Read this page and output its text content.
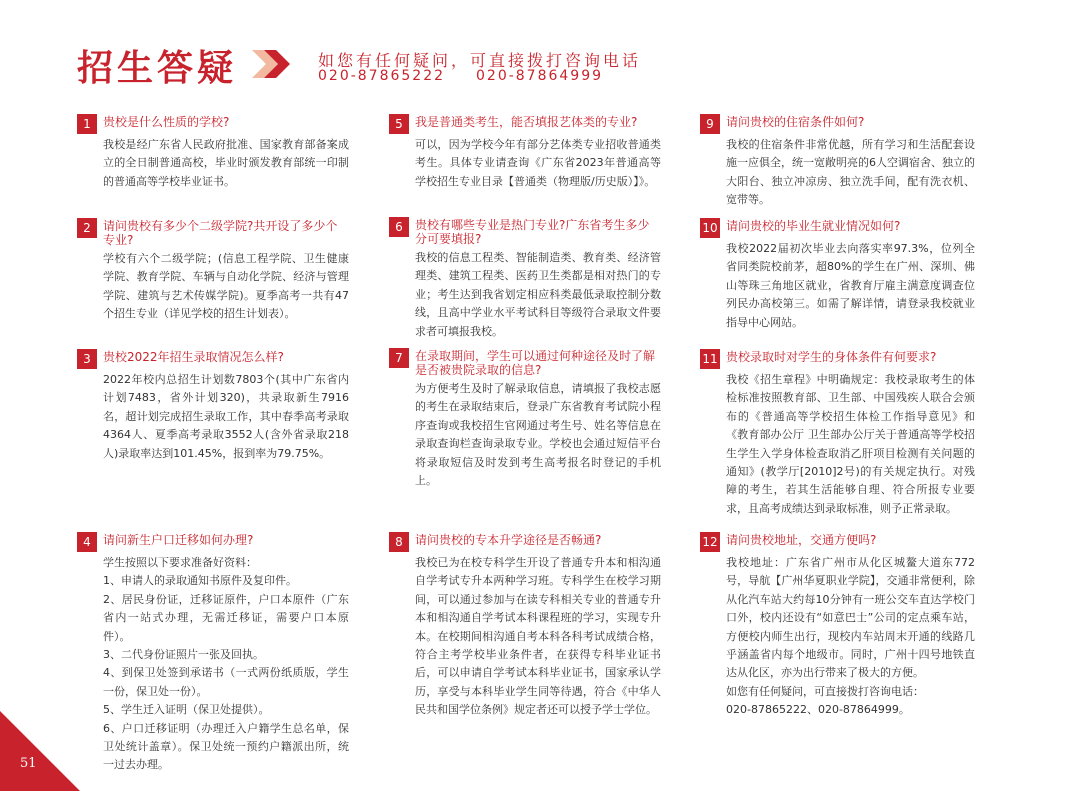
招生答疑	如您有任何疑问，可直接拨打咨询电话
020-87865222 020-87864999
1	贵校是什么性质的学校?
我校是经广东省人民政府批准、国家教育部备案成立的全日制普通高校，毕业时颁发教育部统一印制的普通高等学校毕业证书。
2	请问贵校有多少个二级学院?共开设了多少个专业?
学校有六个二级学院；(信息工程学院、卫生健康学院、教育学院、车辆与自动化学院、经济与管理学院、建筑与艺术传媒学院)。夏季高考一共有47个招生专业（详见学校的招生计划表）。
3	贵校2022年招生录取情况怎么样?
2022年校内总招生计划数7803个(其中广东省内计划7483，省外计划320)，共录取新生7916名，超计划完成招生录取工作，其中春季高考录取4364人、夏季高考录取3552人(含外省录取218人)录取率达到101.45%，报到率为79.75%。
4	请问新生户口迁移如何办理?
学生按照以下要求准备好资料：
1、申请人的录取通知书原件及复印件。
2、居民身份证，迁移证原件，户口本原件（广东省内一站式办理，无需迁移证，需要户口本原件）。
3、二代身份证照片一张及回执。
4、到保卫处签到承诺书（一式两份纸质版，学生一份，保卫处一份）。
5、学生迁入证明（保卫处提供）。
6、户口迁移证明（办理迁入户籍学生总名单，保卫处统计盖章）。保卫处统一预约户籍派出所，统一过去办理。
5	我是普通类考生，能否填报艺体类的专业?
可以，因为学校今年有部分艺体类专业招收普通类考生。具体专业请查询《广东省2023年普通高等学校招生专业目录【普通类（物理版/历史版）】》。
6	贵校有哪些专业是热门专业?广东省考生多少分可要填报?
我校的信息工程类、智能制造类、教育类、经济管理类、建筑工程类、医药卫生类都是相对热门的专业；考生达到我省划定相应科类最低录取控制分数线，且高中学业水平考试科目等级符合录取文件要求者可填报我校。
7	在录取期间，学生可以通过何种途径及时了解是否被贵院录取的信息?
为方便考生及时了解录取信息，请填报了我校志愿的考生在录取结束后，登录广东省教育考试院小程序查询或我校招生官网通过考生号、姓名等信息在录取查询栏查询录取专业。学校也会通过短信平台将录取短信及时发到考生高考报名时登记的手机上。
8	请问贵校的专本升学途径是否畅通?
我校已为在校专科学生开设了普通专升本和相沟通自学考试专升本两种学习班。专科学生在校学习期间，可以通过参加与在读专科相关专业的普通专升本和相沟通自学考试本科课程班的学习，实现专升本。在校期间相沟通自考本科各科考试成绩合格，符合主考学校毕业条件者，在获得专科毕业证书后，可以申请自学考试本科毕业证书，国家承认学历，享受与本科毕业学生同等待遇，符合《中华人民共和国学位条例》规定者还可以授予学士学位。
9	请问贵校的住宿条件如何?
我校的住宿条件非常优越，所有学习和生活配套设施一应俱全，统一宽敞明亮的6人空调宿舍、独立的大阳台、独立冲凉房、独立洗手间，配有洗衣机、宽带等。
10 请问贵校的毕业生就业情况如何?
我校2022届初次毕业去向落实率97.3%，位列全省同类院校前茅，超80%的学生在广州、深圳、佛山等珠三角地区就业，省教育厅雇主满意度调查位列民办高校第三。如需了解详情，请登录我校就业指导中心网站。
11 贵校录取时对学生的身体条件有何要求?
我校《招生章程》中明确规定：我校录取考生的体检标准按照教育部、卫生部、中国残疾人联合会颁布的《普通高等学校招生体检工作指导意见》和《教育部办公厅 卫生部办公厅关于普通高等学校招生学生入学身体检查取消乙肝项目检测有关问题的通知》(教学厅[2010]2号)的有关规定执行。对残障的考生，若其生活能够自理、符合所报专业要求，且高考成绩达到录取标准，则予正常录取。
12 请问贵校地址，交通方便吗?
我校地址：广东省广州市从化区城鳌大道东772号，导航【广州华夏职业学院】，交通非常便利，除从化汽车站大约每10分钟有一班公交车直达学校门口外，校内还设有“如意巴士”公司的定点乘车站，方便校内师生出行，现校内车站周末开通的线路几乎涵盖省内每个地级市。同时，广州十四号地铁直达从化区，亦为出行带来了极大的方便。
如您有任何疑问，可直接拨打咨询电话：
020-87865222、020-87864999。
51
